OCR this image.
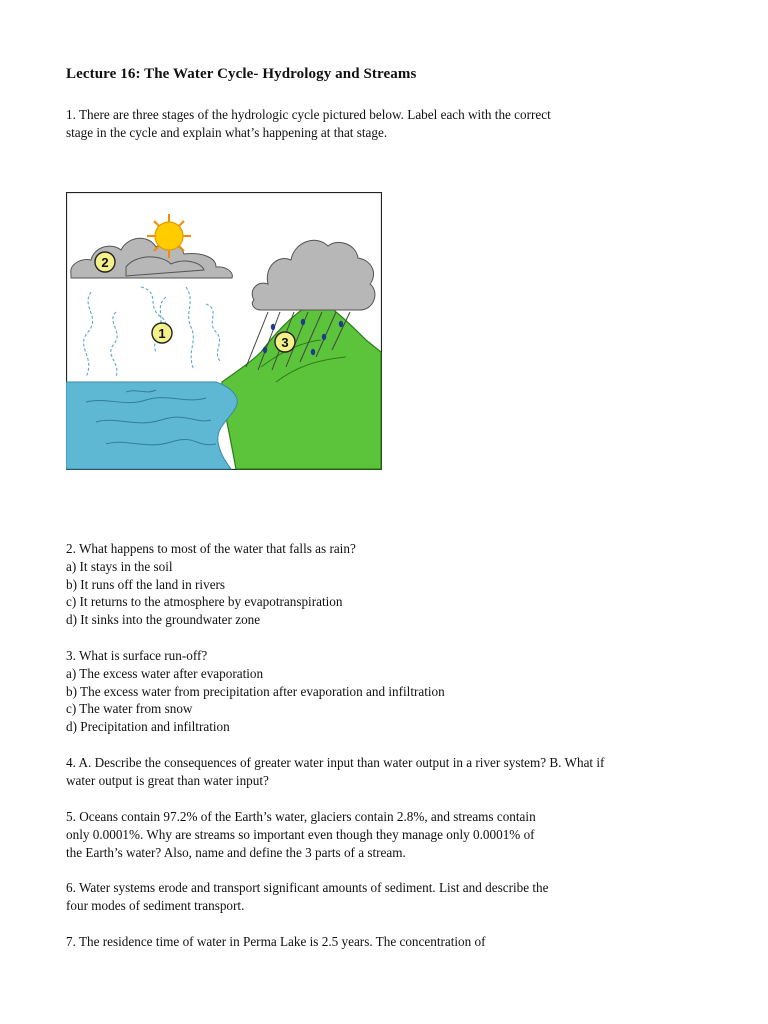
Lecture 16: The Water Cycle- Hydrology and Streams
1. There are three stages of the hydrologic cycle pictured below. Label each with the correct
stage in the cycle and explain what’s happening at that stage.
1
2
3
2. What happens to most of the water that falls as rain?
a) It stays in the soil
b) It runs off the land in rivers
c) It returns to the atmosphere by evapotranspiration
d) It sinks into the groundwater zone
3. What is surface run-off?
a) The excess water after evaporation
b) The excess water from precipitation after evaporation and infiltration
c) The water from snow
d) Precipitation and infiltration
4. A. Describe the consequences of greater water input than water output in a river system? B. What if
water output is great than water input?
5. Oceans contain 97.2% of the Earth’s water, glaciers contain 2.8%, and streams contain
only 0.0001%. Why are streams so important even though they manage only 0.0001% of
the Earth’s water? Also, name and define the 3 parts of a stream.
6. Water systems erode and transport significant amounts of sediment. List and describe the
four modes of sediment transport.
7. The residence time of water in Perma Lake is 2.5 years. The concentration of
